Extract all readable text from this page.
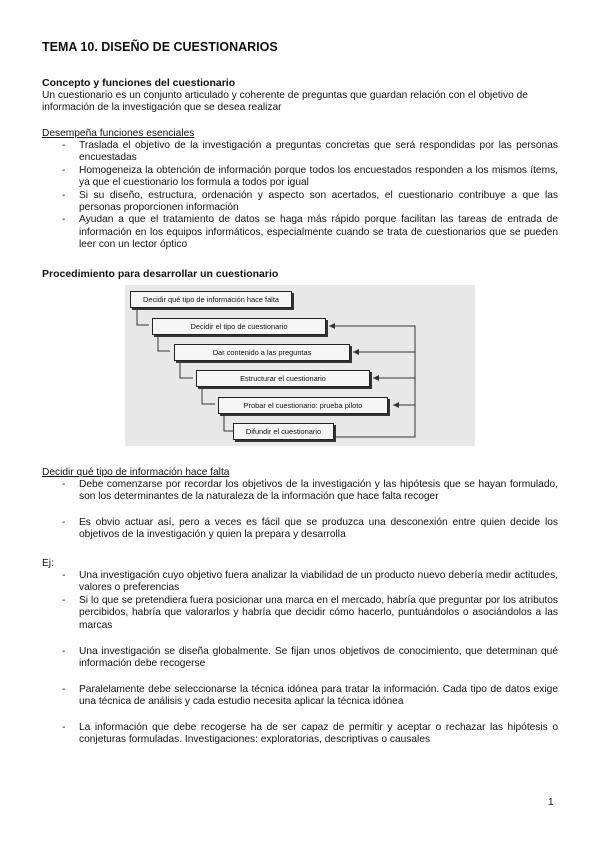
TEMA 10. DISEÑO DE CUESTIONARIOS
Concepto y funciones del cuestionario
Un cuestionario es un conjunto articulado y coherente de preguntas que guardan relación con el objetivo de información de la investigación que se desea realizar
Desempeña funciones esenciales
- Traslada el objetivo de la investigación a preguntas concretas que será respondidas por las personas encuestadas
- Homogeneiza la obtención de información porque todos los encuestados responden a los mismos ítems, ya que el cuestionario los formula a todos por igual
- Si su diseño, estructura, ordenación y aspecto son acertados, el cuestionario contribuye a que las personas proporcionen información
- Ayudan a que el tratamiento de datos se haga más rápido porque facilitan las tareas de entrada de información en los equipos informáticos, especialmente cuando se trata de cuestionarios que se pueden leer con un lector óptico
Procedimiento para desarrollar un cuestionario
Decidir qué tipo de información hace falta
Decidir el tipo de cuestionario
Dar contenido a las preguntas
Estructurar el cuestionario
Probar el cuestionario: prueba piloto
Difundir el cuestionario
Decidir qué tipo de información hace falta
- Debe comenzarse por recordar los objetivos de la investigación y las hipótesis que se hayan formulado, son los determinantes de la naturaleza de la información que hace falta recoger
- Es obvio actuar así, pero a veces es fácil que se produzca una desconexión entre quien decide los objetivos de la investigación y quien la prepara y desarrolla
Ej:
- Una investigación cuyo objetivo fuera analizar la viabilidad de un producto nuevo debería medir actitudes, valores o preferencias
- Si lo que se pretendiera fuera posicionar una marca en el mercado, habría que preguntar por los atributos percibidos, habría que valorarlos y habría que decidir cómo hacerlo, puntuándolos o asociándolos a las marcas
- Una investigación se diseña globalmente. Se fijan unos objetivos de conocimiento, que determinan qué información debe recogerse
- Paralelamente debe seleccionarse la técnica idónea para tratar la información. Cada tipo de datos exige una técnica de análisis y cada estudio necesita aplicar la técnica idónea
- La información que debe recogerse ha de ser capaz de permitir y aceptar o rechazar las hipótesis o conjeturas formuladas. Investigaciones: exploratorias, descriptivas o causales
1
